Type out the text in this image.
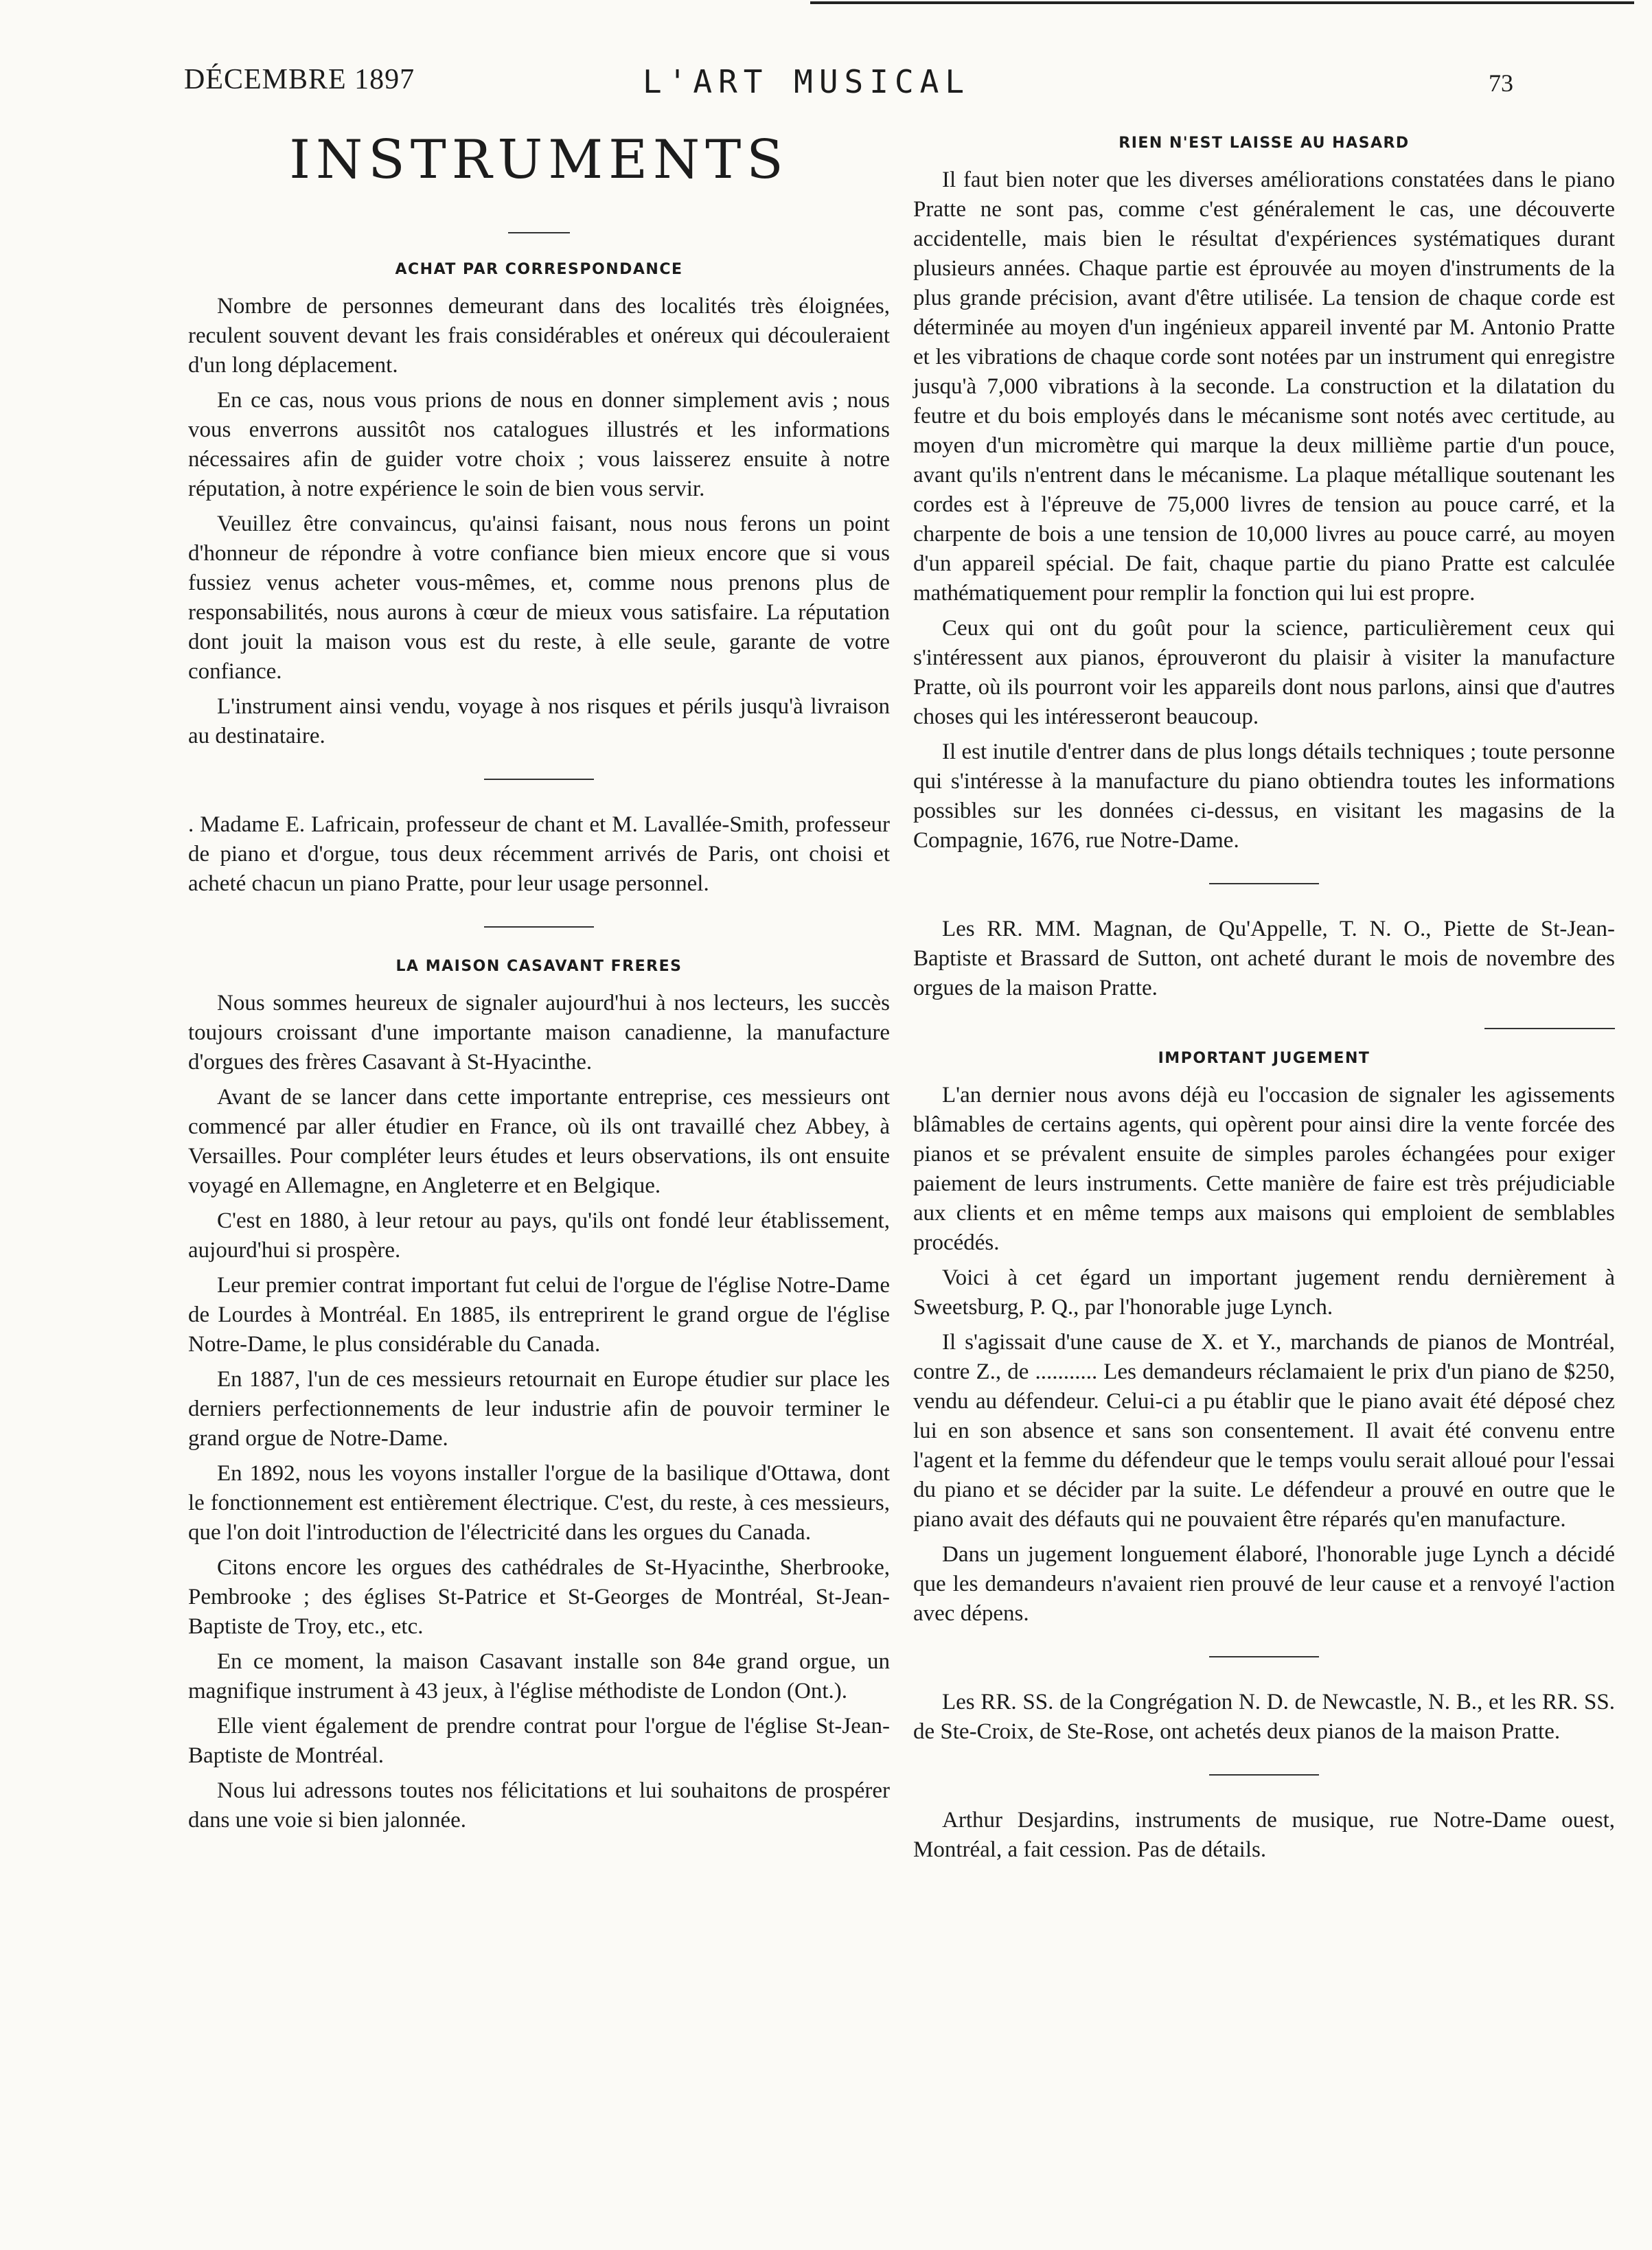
DÉCEMBRE 1897	L'ART MUSICAL	73
INSTRUMENTS
ACHAT PAR CORRESPONDANCE

Nombre de personnes demeurant dans des localités très éloignées, reculent souvent devant les frais considérables et onéreux qui découleraient d'un long déplacement.

En ce cas, nous vous prions de nous en donner simplement avis ; nous vous enverrons aussitôt nos catalogues illustrés et les informations nécessaires afin de guider votre choix ; vous laisserez ensuite à notre réputation, à notre expérience le soin de bien vous servir.

Veuillez être convaincus, qu'ainsi faisant, nous nous ferons un point d'honneur de répondre à votre confiance bien mieux encore que si vous fussiez venus acheter vous-mêmes, et, comme nous prenons plus de responsabilités, nous aurons à cœur de mieux vous satisfaire. La réputation dont jouit la maison vous est du reste, à elle seule, garante de votre confiance.

L'instrument ainsi vendu, voyage à nos risques et périls jusqu'à livraison au destinataire.

. Madame E. Lafricain, professeur de chant et M. Lavallée-Smith, professeur de piano et d'orgue, tous deux récemment arrivés de Paris, ont choisi et acheté chacun un piano Pratte, pour leur usage personnel.

LA MAISON CASAVANT FRERES

Nous sommes heureux de signaler aujourd'hui à nos lecteurs, les succès toujours croissant d'une importante maison canadienne, la manufacture d'orgues des frères Casavant à St-Hyacinthe.

Avant de se lancer dans cette importante entreprise, ces messieurs ont commencé par aller étudier en France, où ils ont travaillé chez Abbey, à Versailles. Pour compléter leurs études et leurs observations, ils ont ensuite voyagé en Allemagne, en Angleterre et en Belgique.

C'est en 1880, à leur retour au pays, qu'ils ont fondé leur établissement, aujourd'hui si prospère.

Leur premier contrat important fut celui de l'orgue de l'église Notre-Dame de Lourdes à Montréal. En 1885, ils entreprirent le grand orgue de l'église Notre-Dame, le plus considérable du Canada.

En 1887, l'un de ces messieurs retournait en Europe étudier sur place les derniers perfectionnements de leur industrie afin de pouvoir terminer le grand orgue de Notre-Dame.

En 1892, nous les voyons installer l'orgue de la basilique d'Ottawa, dont le fonctionnement est entièrement électrique. C'est, du reste, à ces messieurs, que l'on doit l'introduction de l'électricité dans les orgues du Canada.

Citons encore les orgues des cathédrales de St-Hyacinthe, Sherbrooke, Pembrooke ; des églises St-Patrice et St-Georges de Montréal, St-Jean-Baptiste de Troy, etc., etc.

En ce moment, la maison Casavant installe son 84e grand orgue, un magnifique instrument à 43 jeux, à l'église méthodiste de London (Ont.).

Elle vient également de prendre contrat pour l'orgue de l'église St-Jean-Baptiste de Montréal.

Nous lui adressons toutes nos félicitations et lui souhaitons de prospérer dans une voie si bien jalonnée.

RIEN N'EST LAISSE AU HASARD

Il faut bien noter que les diverses améliorations constatées dans le piano Pratte ne sont pas, comme c'est généralement le cas, une découverte accidentelle, mais bien le résultat d'expériences systématiques durant plusieurs années. Chaque partie est éprouvée au moyen d'instruments de la plus grande précision, avant d'être utilisée. La tension de chaque corde est déterminée au moyen d'un ingénieux appareil inventé par M. Antonio Pratte et les vibrations de chaque corde sont notées par un instrument qui enregistre jusqu'à 7,000 vibrations à la seconde. La construction et la dilatation du feutre et du bois employés dans le mécanisme sont notés avec certitude, au moyen d'un micromètre qui marque la deux millième partie d'un pouce, avant qu'ils n'entrent dans le mécanisme. La plaque métallique soutenant les cordes est à l'épreuve de 75,000 livres de tension au pouce carré, et la charpente de bois a une tension de 10,000 livres au pouce carré, au moyen d'un appareil spécial. De fait, chaque partie du piano Pratte est calculée mathématiquement pour remplir la fonction qui lui est propre.

Ceux qui ont du goût pour la science, particulièrement ceux qui s'intéressent aux pianos, éprouveront du plaisir à visiter la manufacture Pratte, où ils pourront voir les appareils dont nous parlons, ainsi que d'autres choses qui les intéresseront beaucoup.

Il est inutile d'entrer dans de plus longs détails techniques ; toute personne qui s'intéresse à la manufacture du piano obtiendra toutes les informations possibles sur les données ci-dessus, en visitant les magasins de la Compagnie, 1676, rue Notre-Dame.

Les RR. MM. Magnan, de Qu'Appelle, T. N. O., Piette de St-Jean-Baptiste et Brassard de Sutton, ont acheté durant le mois de novembre des orgues de la maison Pratte.

IMPORTANT JUGEMENT

L'an dernier nous avons déjà eu l'occasion de signaler les agissements blâmables de certains agents, qui opèrent pour ainsi dire la vente forcée des pianos et se prévalent ensuite de simples paroles échangées pour exiger paiement de leurs instruments. Cette manière de faire est très préjudiciable aux clients et en même temps aux maisons qui emploient de semblables procédés.

Voici à cet égard un important jugement rendu dernièrement à Sweetsburg, P. Q., par l'honorable juge Lynch.

Il s'agissait d'une cause de X. et Y., marchands de pianos de Montréal, contre Z., de ........... Les demandeurs réclamaient le prix d'un piano de $250, vendu au défendeur. Celui-ci a pu établir que le piano avait été déposé chez lui en son absence et sans son consentement. Il avait été convenu entre l'agent et la femme du défendeur que le temps voulu serait alloué pour l'essai du piano et se décider par la suite. Le défendeur a prouvé en outre que le piano avait des défauts qui ne pouvaient être réparés qu'en manufacture.

Dans un jugement longuement élaboré, l'honorable juge Lynch a décidé que les demandeurs n'avaient rien prouvé de leur cause et a renvoyé l'action avec dépens.

Les RR. SS. de la Congrégation N. D. de Newcastle, N. B., et les RR. SS. de Ste-Croix, de Ste-Rose, ont achetés deux pianos de la maison Pratte.

Arthur Desjardins, instruments de musique, rue Notre-Dame ouest, Montréal, a fait cession. Pas de détails.
